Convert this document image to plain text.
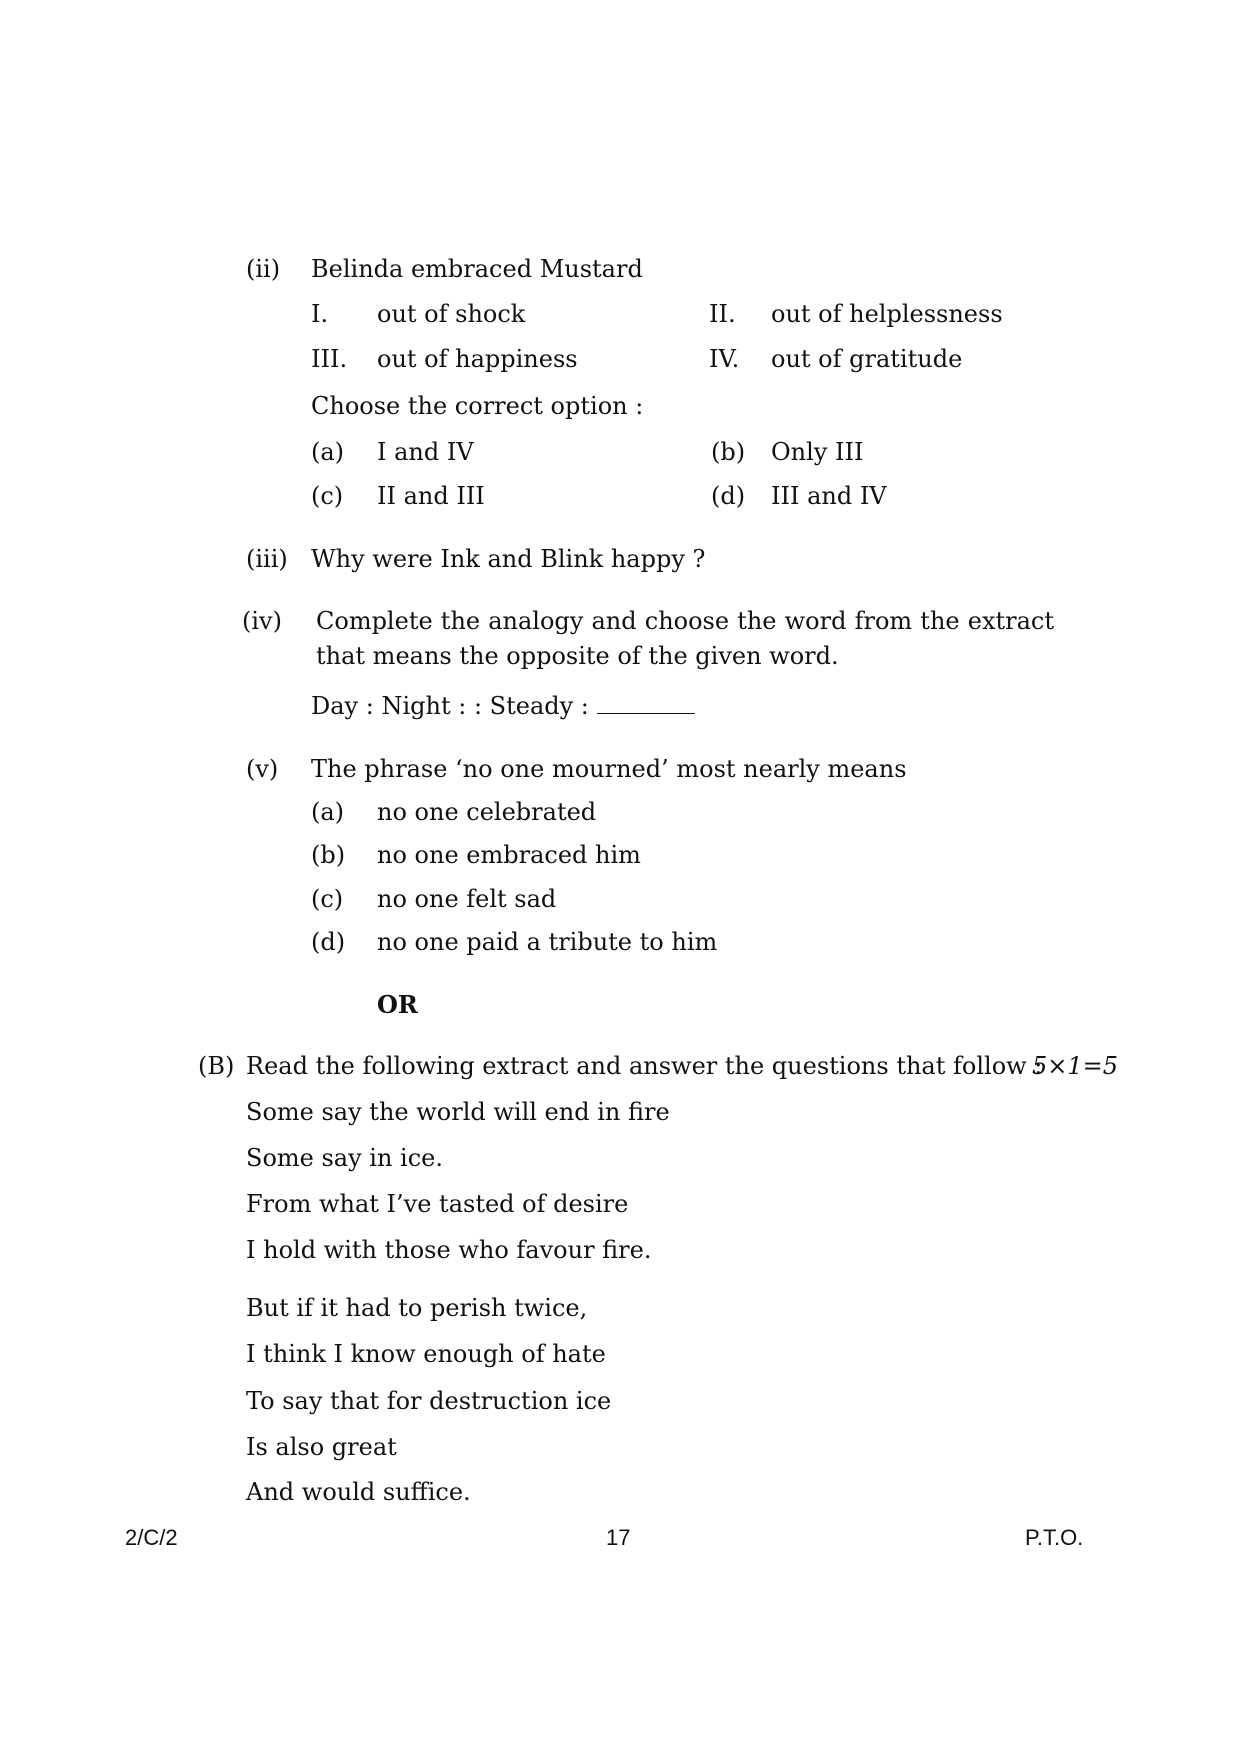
(ii) Belinda embraced Mustard
I. out of shock	II. out of helplessness
III. out of happiness	IV. out of gratitude
Choose the correct option :
(a) I and IV	(b) Only III
(c) II and III	(d) III and IV
(iii) Why were Ink and Blink happy ?
(iv) Complete the analogy and choose the word from the extract that means the opposite of the given word.
Day : Night : : Steady :
(v) The phrase ‘no one mourned’ most nearly means
(a) no one celebrated
(b) no one embraced him
(c) no one felt sad
(d) no one paid a tribute to him
OR
(B) Read the following extract and answer the questions that follow :
5×1=5
Some say the world will end in fire
Some say in ice.
From what I’ve tasted of desire
I hold with those who favour fire.
But if it had to perish twice,
I think I know enough of hate
To say that for destruction ice
Is also great
And would suffice.
2/C/2	17	P.T.O.
